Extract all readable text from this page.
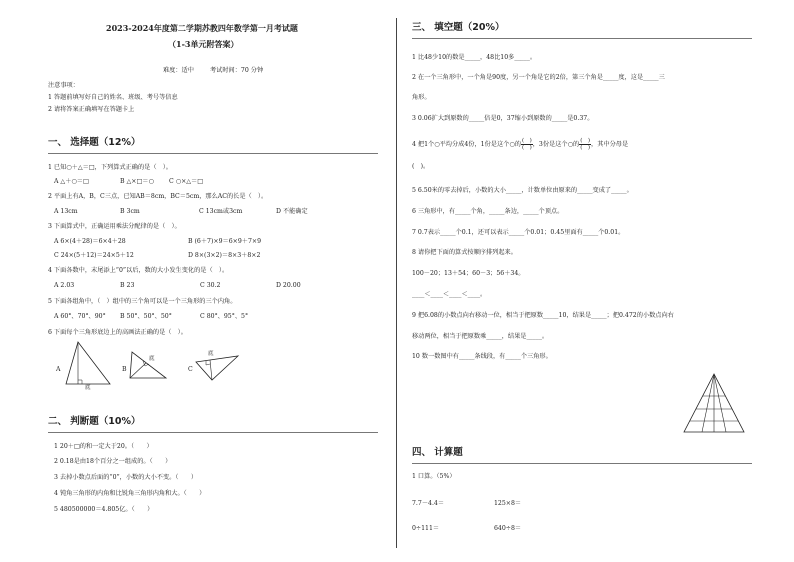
2023-2024年度第二学期苏教四年数学第一月考试题
（1-3单元附答案）
难度：适中	考试时间：70 分钟
注意事项：
1 答题前填写好自己的姓名、班级、考号等信息
2 请将答案正确填写在答题卡上
一、 选择题（12%）
1 已知○＋△＝□，下列算式正确的是（　）。
A △＋○＝□	B △×□＝○ C ○×△＝□
2 平面上有A，B，C三点，已知AB＝8cm，BC＝5cm，那么AC的长是（　）。
A 13cm	B 3cm	C 13cm或3cm	D 不能确定
3 下面算式中，正确运用乘法分配律的是（　）。
A 6×(4＋28)＝6×4＋28	B (6＋7)×9＝6×9＋7×9
C 24×(5＋12)＝24×5＋12	D 8×(3×2)＝8×3＋8×2
4 下面各数中，末尾添上“0”以后，数的大小发生变化的是（　）。
A 2.03	B 23	C 30.2	D 20.00
5 下面各组角中，（　）组中的三个角可以是一个三角形的三个内角。
A 60°、70°、90° B 50°、50°、50°	C 80°、95°、5°
6 下面每个三角形底边上的高画法正确的是（　）。
A
底
B
底
C
底
二、 判断题（10%）
1 20＋□的和一定大于20。（　　）
2 0.18是由18个百分之一组成的。（　　）
3 去掉小数点后面的“0”，小数的大小不变。（　　）
4 钝角三角形的内角和比锐角三角形内角和大。（　　）
5 480500000＝4.805亿。（　　）
三、 填空题（20%）
1 比48少10的数是_____，48比10多_____。
2 在一个三角形中，一个角是90度，另一个角是它的2倍，第三个角是_____度，这是_____三
角形。
3 0.06扩大到原数的_____倍是0，37缩小到原数的_____是0.37。
4 把1个○平均分成4份，1份是这个○的 $\frac{( )}{( )}$ ，3份是这个○的 $\frac{( )}{( )}$ ，其中分母是
(　)。
5 6.50米的零去掉后，小数的大小_____，计数单位由原来的_____变成了_____。
6 三角形中，有_____个角，_____条边，_____个顶点。
7 0.7表示_____个0.1，还可以表示_____个0.01；0.45里面有_____个0.01。
8 请你把下面的算式按顺序排列起来。
100－20；13＋54；60－3；56＋34。
____＜____＜____＜____。
9 把6.08的小数点向右移动一位，相当于把原数_____10，结果是_____；把0.472的小数点向右
移动两位，相当于把原数乘_____，结果是_____。
10 数一数图中有_____条线段，有_____个三角形。
四、 计算题
1 口算。（5%）
7.7－4.4＝	125×8＝
0÷111＝	640÷8＝
